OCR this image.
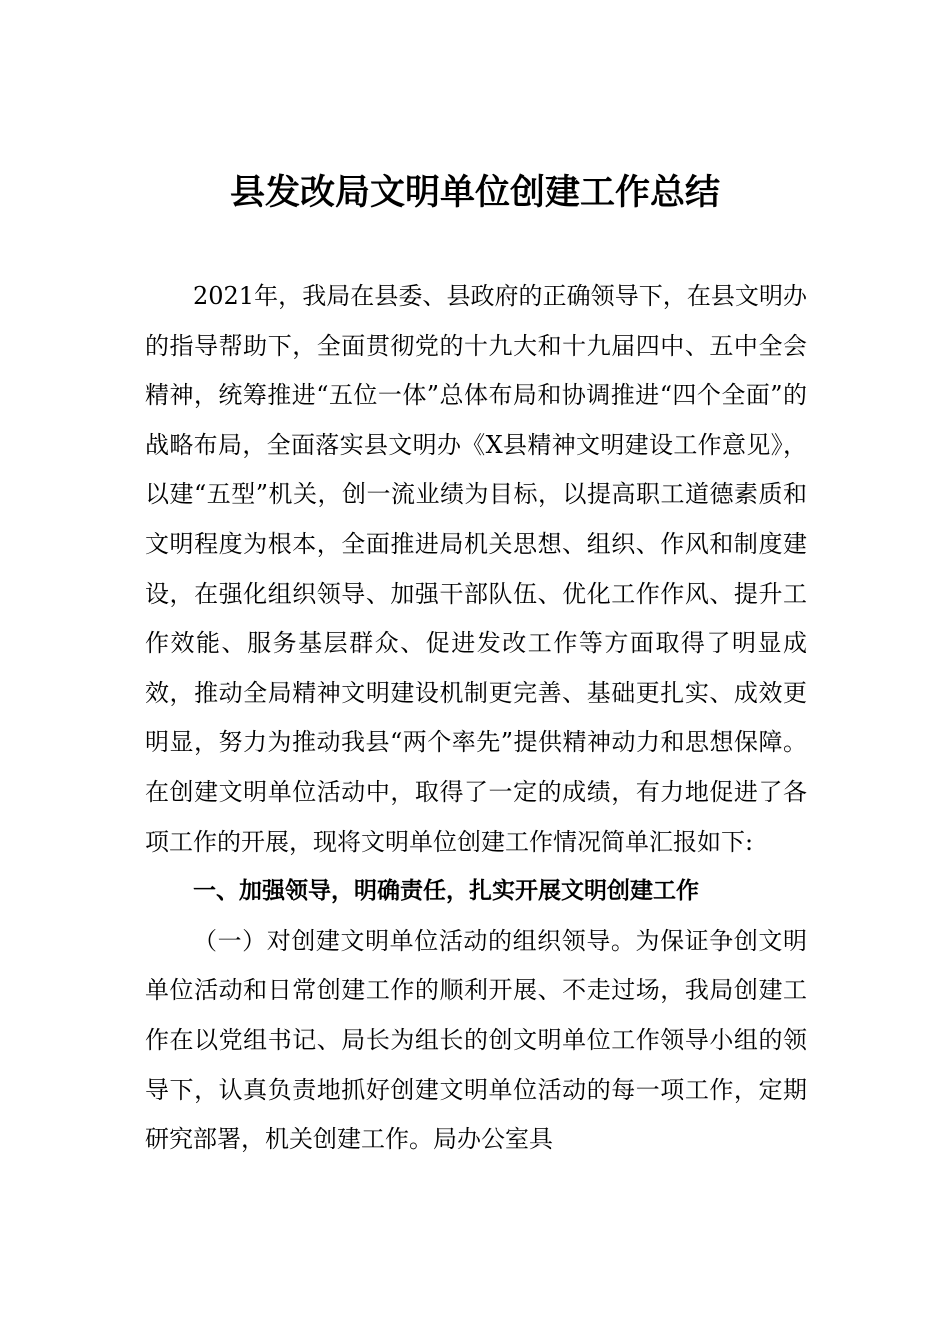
县发改局文明单位创建工作总结

2021年，我局在县委、县政府的正确领导下，在县文明办的指导帮助下，全面贯彻党的十九大和十九届四中、五中全会精神，统筹推进“五位一体”总体布局和协调推进“四个全面”的战略布局，全面落实县文明办《X县精神文明建设工作意见》，以建“五型”机关，创一流业绩为目标，以提高职工道德素质和文明程度为根本，全面推进局机关思想、组织、作风和制度建设，在强化组织领导、加强干部队伍、优化工作作风、提升工作效能、服务基层群众、促进发改工作等方面取得了明显成效，推动全局精神文明建设机制更完善、基础更扎实、成效更明显，努力为推动我县“两个率先”提供精神动力和思想保障。在创建文明单位活动中，取得了一定的成绩，有力地促进了各项工作的开展，现将文明单位创建工作情况简单汇报如下:

一、加强领导，明确责任，扎实开展文明创建工作

（一）对创建文明单位活动的组织领导。为保证争创文明单位活动和日常创建工作的顺利开展、不走过场，我局创建工作在以党组书记、局长为组长的创文明单位工作领导小组的领导下，认真负责地抓好创建文明单位活动的每一项工作，定期研究部署，机关创建工作。局办公室具
